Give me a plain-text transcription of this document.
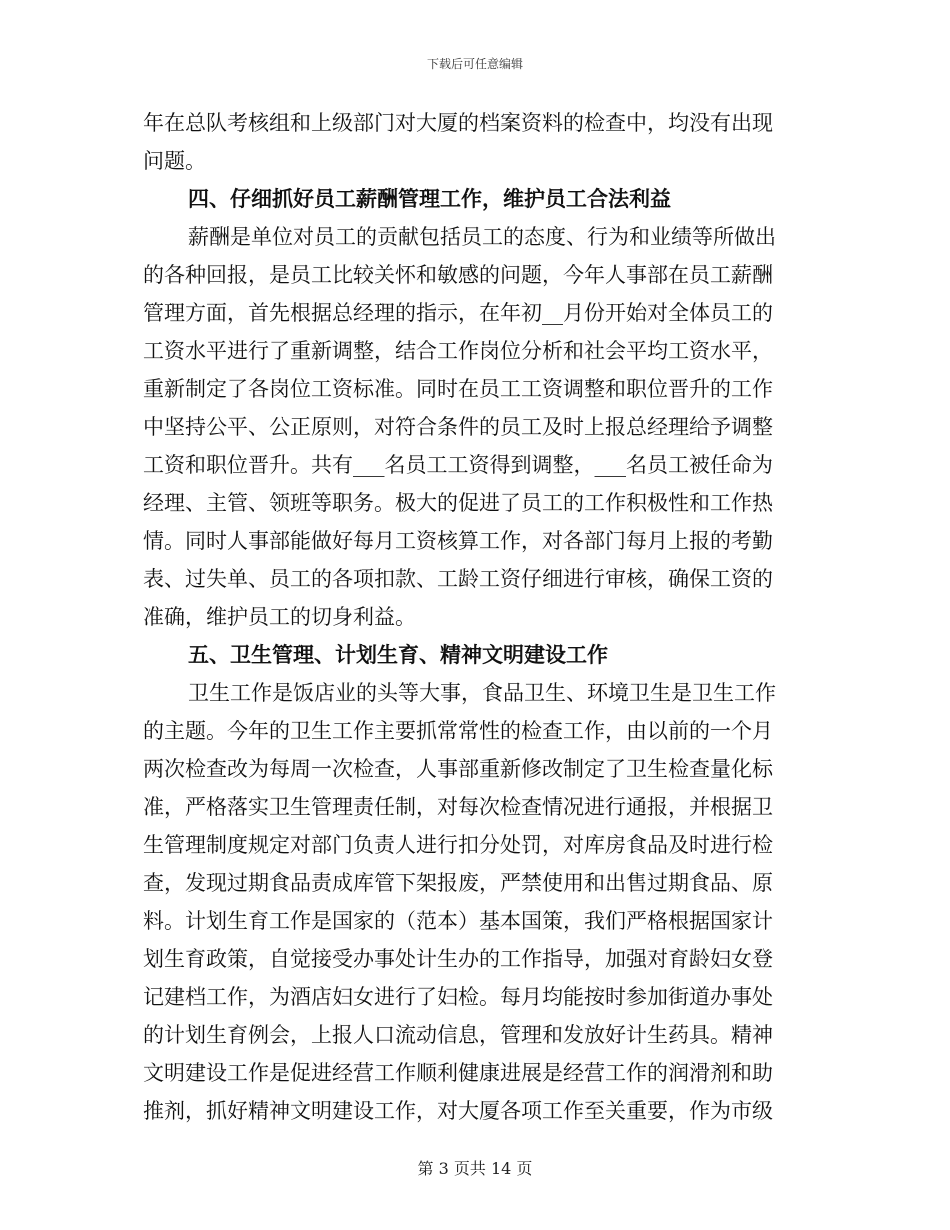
下载后可任意编辑
年在总队考核组和上级部门对大厦的档案资料的检查中，均没有出现
问题。
四、仔细抓好员工薪酬管理工作，维护员工合法利益
薪酬是单位对员工的贡献包括员工的态度、行为和业绩等所做出
的各种回报，是员工比较关怀和敏感的问题，今年人事部在员工薪酬
管理方面，首先根据总经理的指示，在年初__月份开始对全体员工的
工资水平进行了重新调整，结合工作岗位分析和社会平均工资水平，
重新制定了各岗位工资标准。同时在员工工资调整和职位晋升的工作
中坚持公平、公正原则，对符合条件的员工及时上报总经理给予调整
工资和职位晋升。共有___名员工工资得到调整，___名员工被任命为
经理、主管、领班等职务。极大的促进了员工的工作积极性和工作热
情。同时人事部能做好每月工资核算工作，对各部门每月上报的考勤
表、过失单、员工的各项扣款、工龄工资仔细进行审核，确保工资的
准确，维护员工的切身利益。
五、卫生管理、计划生育、精神文明建设工作
卫生工作是饭店业的头等大事，食品卫生、环境卫生是卫生工作
的主题。今年的卫生工作主要抓常常性的检查工作，由以前的一个月
两次检查改为每周一次检查，人事部重新修改制定了卫生检查量化标
准，严格落实卫生管理责任制，对每次检查情况进行通报，并根据卫
生管理制度规定对部门负责人进行扣分处罚，对库房食品及时进行检
查，发现过期食品责成库管下架报废，严禁使用和出售过期食品、原
料。计划生育工作是国家的（范本）基本国策，我们严格根据国家计
划生育政策，自觉接受办事处计生办的工作指导，加强对育龄妇女登
记建档工作，为酒店妇女进行了妇检。每月均能按时参加街道办事处
的计划生育例会，上报人口流动信息，管理和发放好计生药具。精神
文明建设工作是促进经营工作顺利健康进展是经营工作的润滑剂和助
推剂，抓好精神文明建设工作，对大厦各项工作至关重要，作为市级
第 3 页共 14 页
